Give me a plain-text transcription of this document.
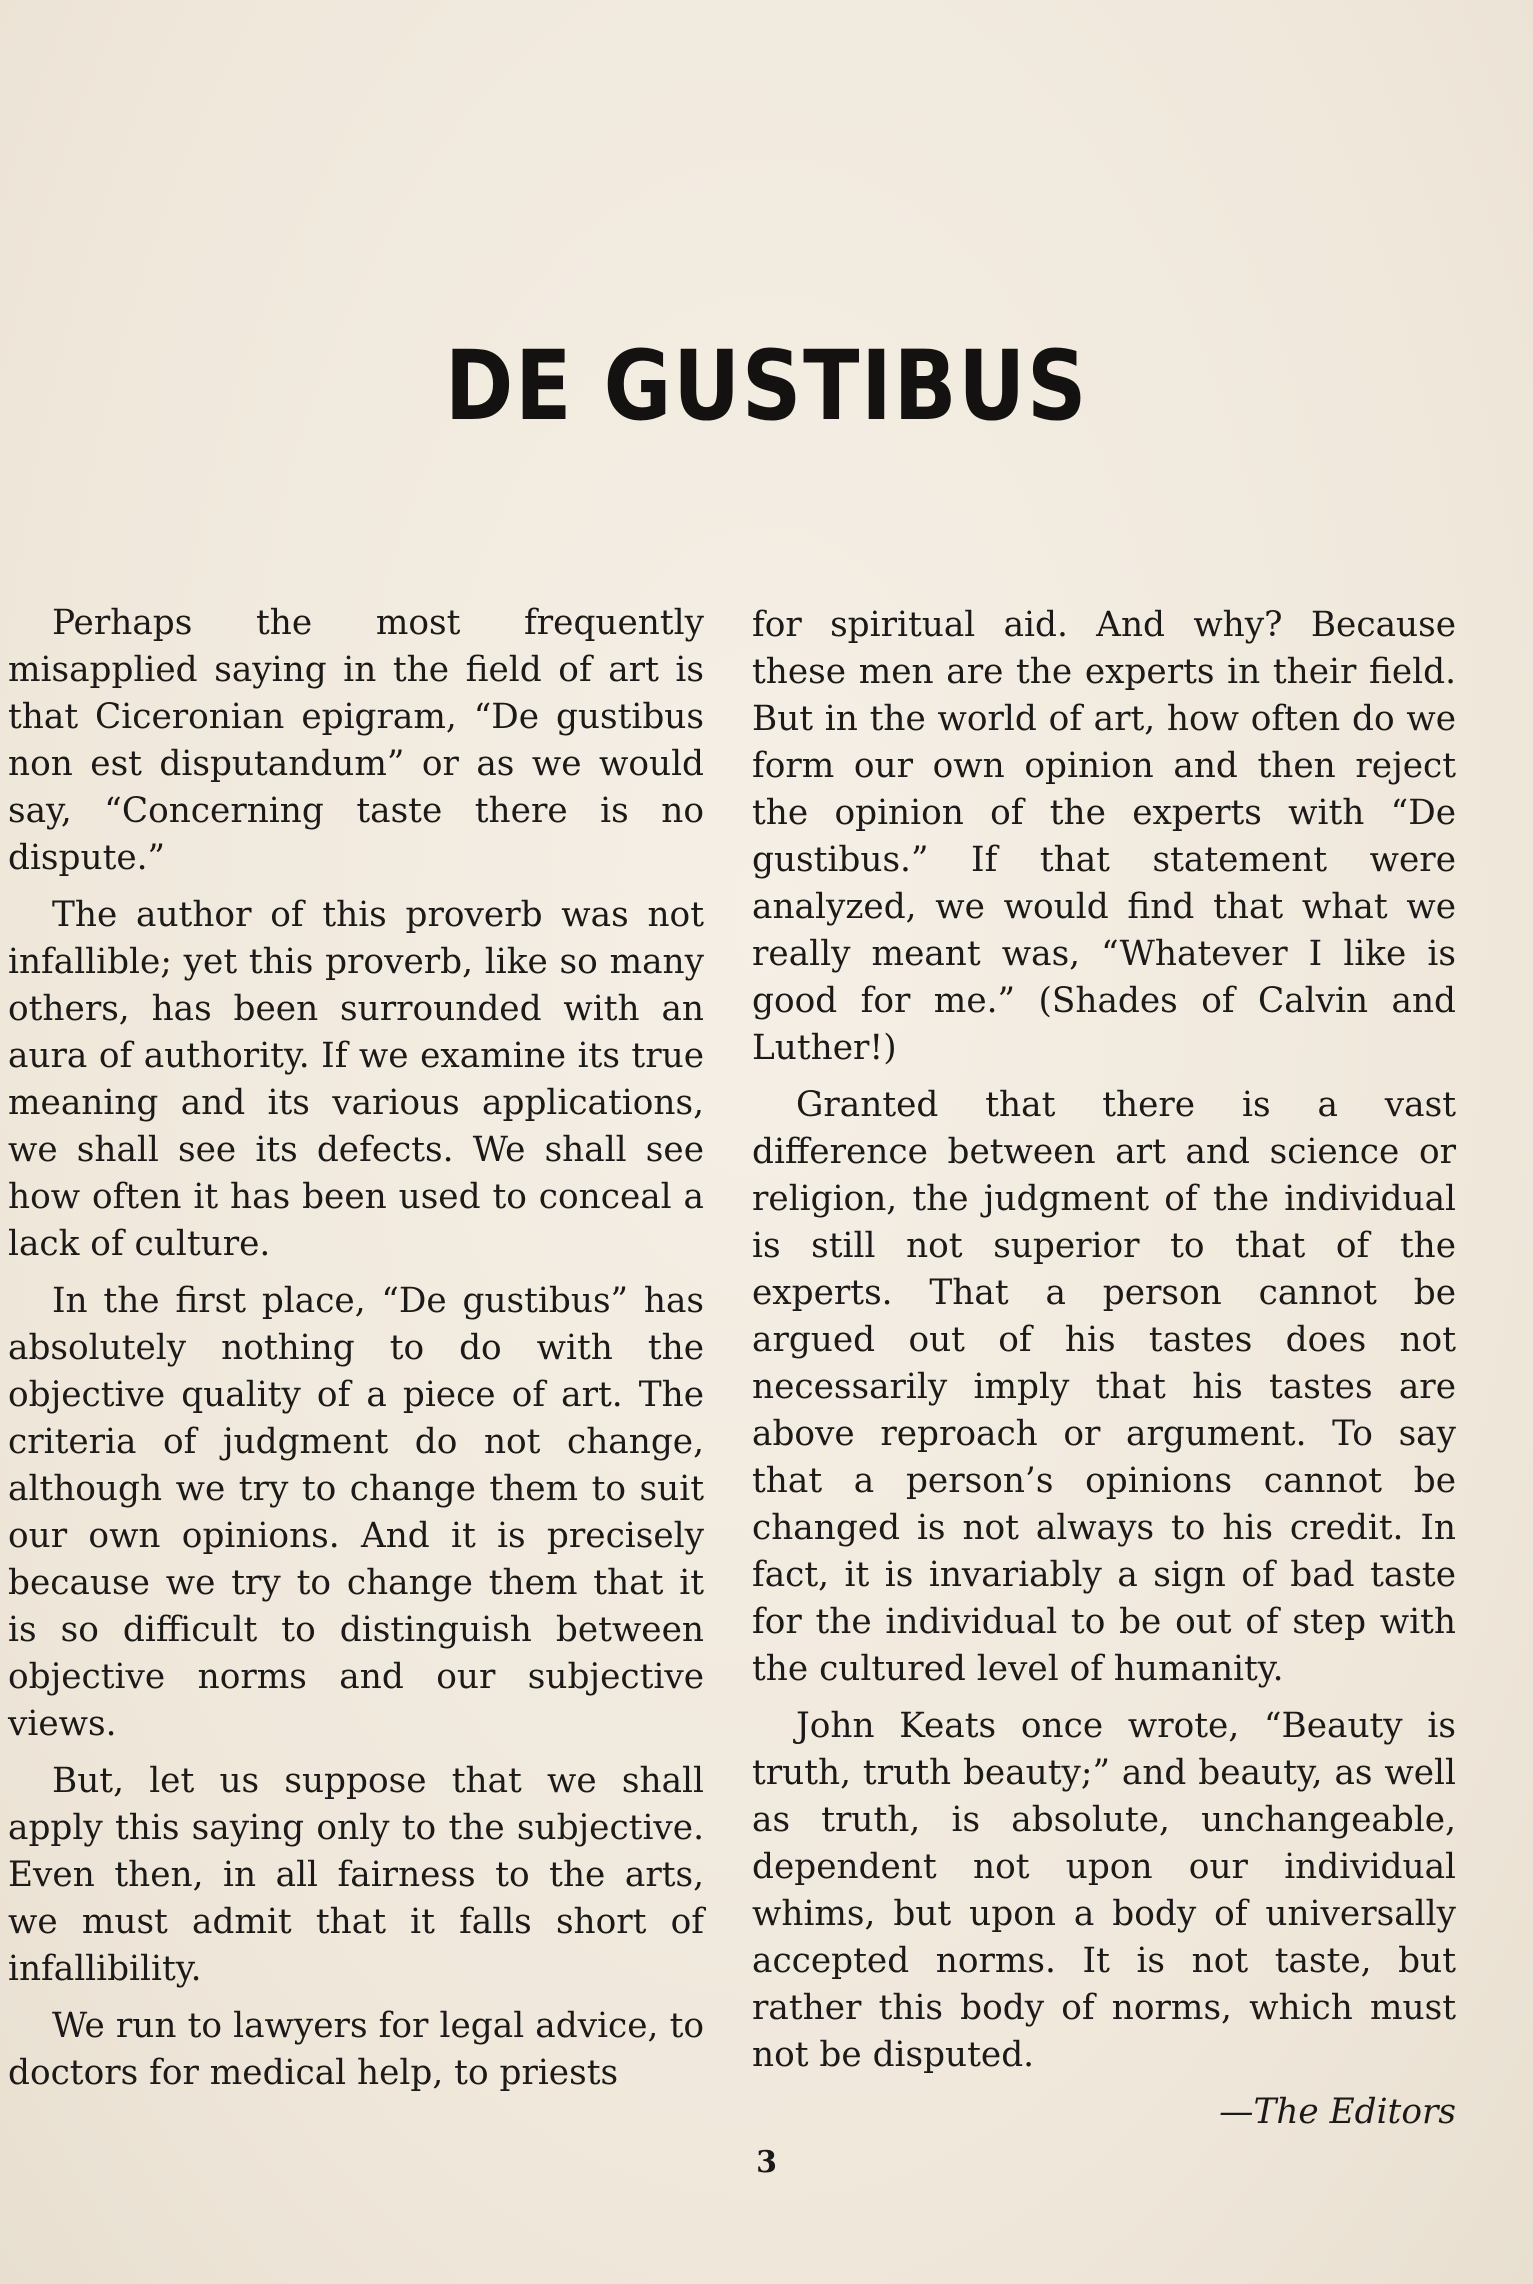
DE GUSTIBUS

Perhaps the most frequently misapplied saying in the field of art is that Ciceronian epigram, “De gustibus non est disputandum” or as we would say, “Concerning taste there is no dispute.”

The author of this proverb was not infallible; yet this proverb, like so many others, has been surrounded with an aura of authority. If we examine its true meaning and its various applications, we shall see its defects. We shall see how often it has been used to conceal a lack of culture.

In the first place, “De gustibus” has absolutely nothing to do with the objective quality of a piece of art. The criteria of judgment do not change, although we try to change them to suit our own opinions. And it is precisely because we try to change them that it is so difficult to distinguish between objective norms and our subjective views.

But, let us suppose that we shall apply this saying only to the subjective. Even then, in all fairness to the arts, we must admit that it falls short of infallibility.

We run to lawyers for legal advice, to doctors for medical help, to priests

for spiritual aid. And why? Because these men are the experts in their field. But in the world of art, how often do we form our own opinion and then reject the opinion of the experts with “De gustibus.” If that statement were analyzed, we would find that what we really meant was, “Whatever I like is good for me.” (Shades of Calvin and Luther!)

Granted that there is a vast difference between art and science or religion, the judgment of the individual is still not superior to that of the experts. That a person cannot be argued out of his tastes does not necessarily imply that his tastes are above reproach or argument. To say that a person’s opinions cannot be changed is not always to his credit. In fact, it is invariably a sign of bad taste for the individual to be out of step with the cultured level of humanity.

John Keats once wrote, “Beauty is truth, truth beauty;” and beauty, as well as truth, is absolute, unchangeable, dependent not upon our individual whims, but upon a body of universally accepted norms. It is not taste, but rather this body of norms, which must not be disputed.

—The Editors

3
